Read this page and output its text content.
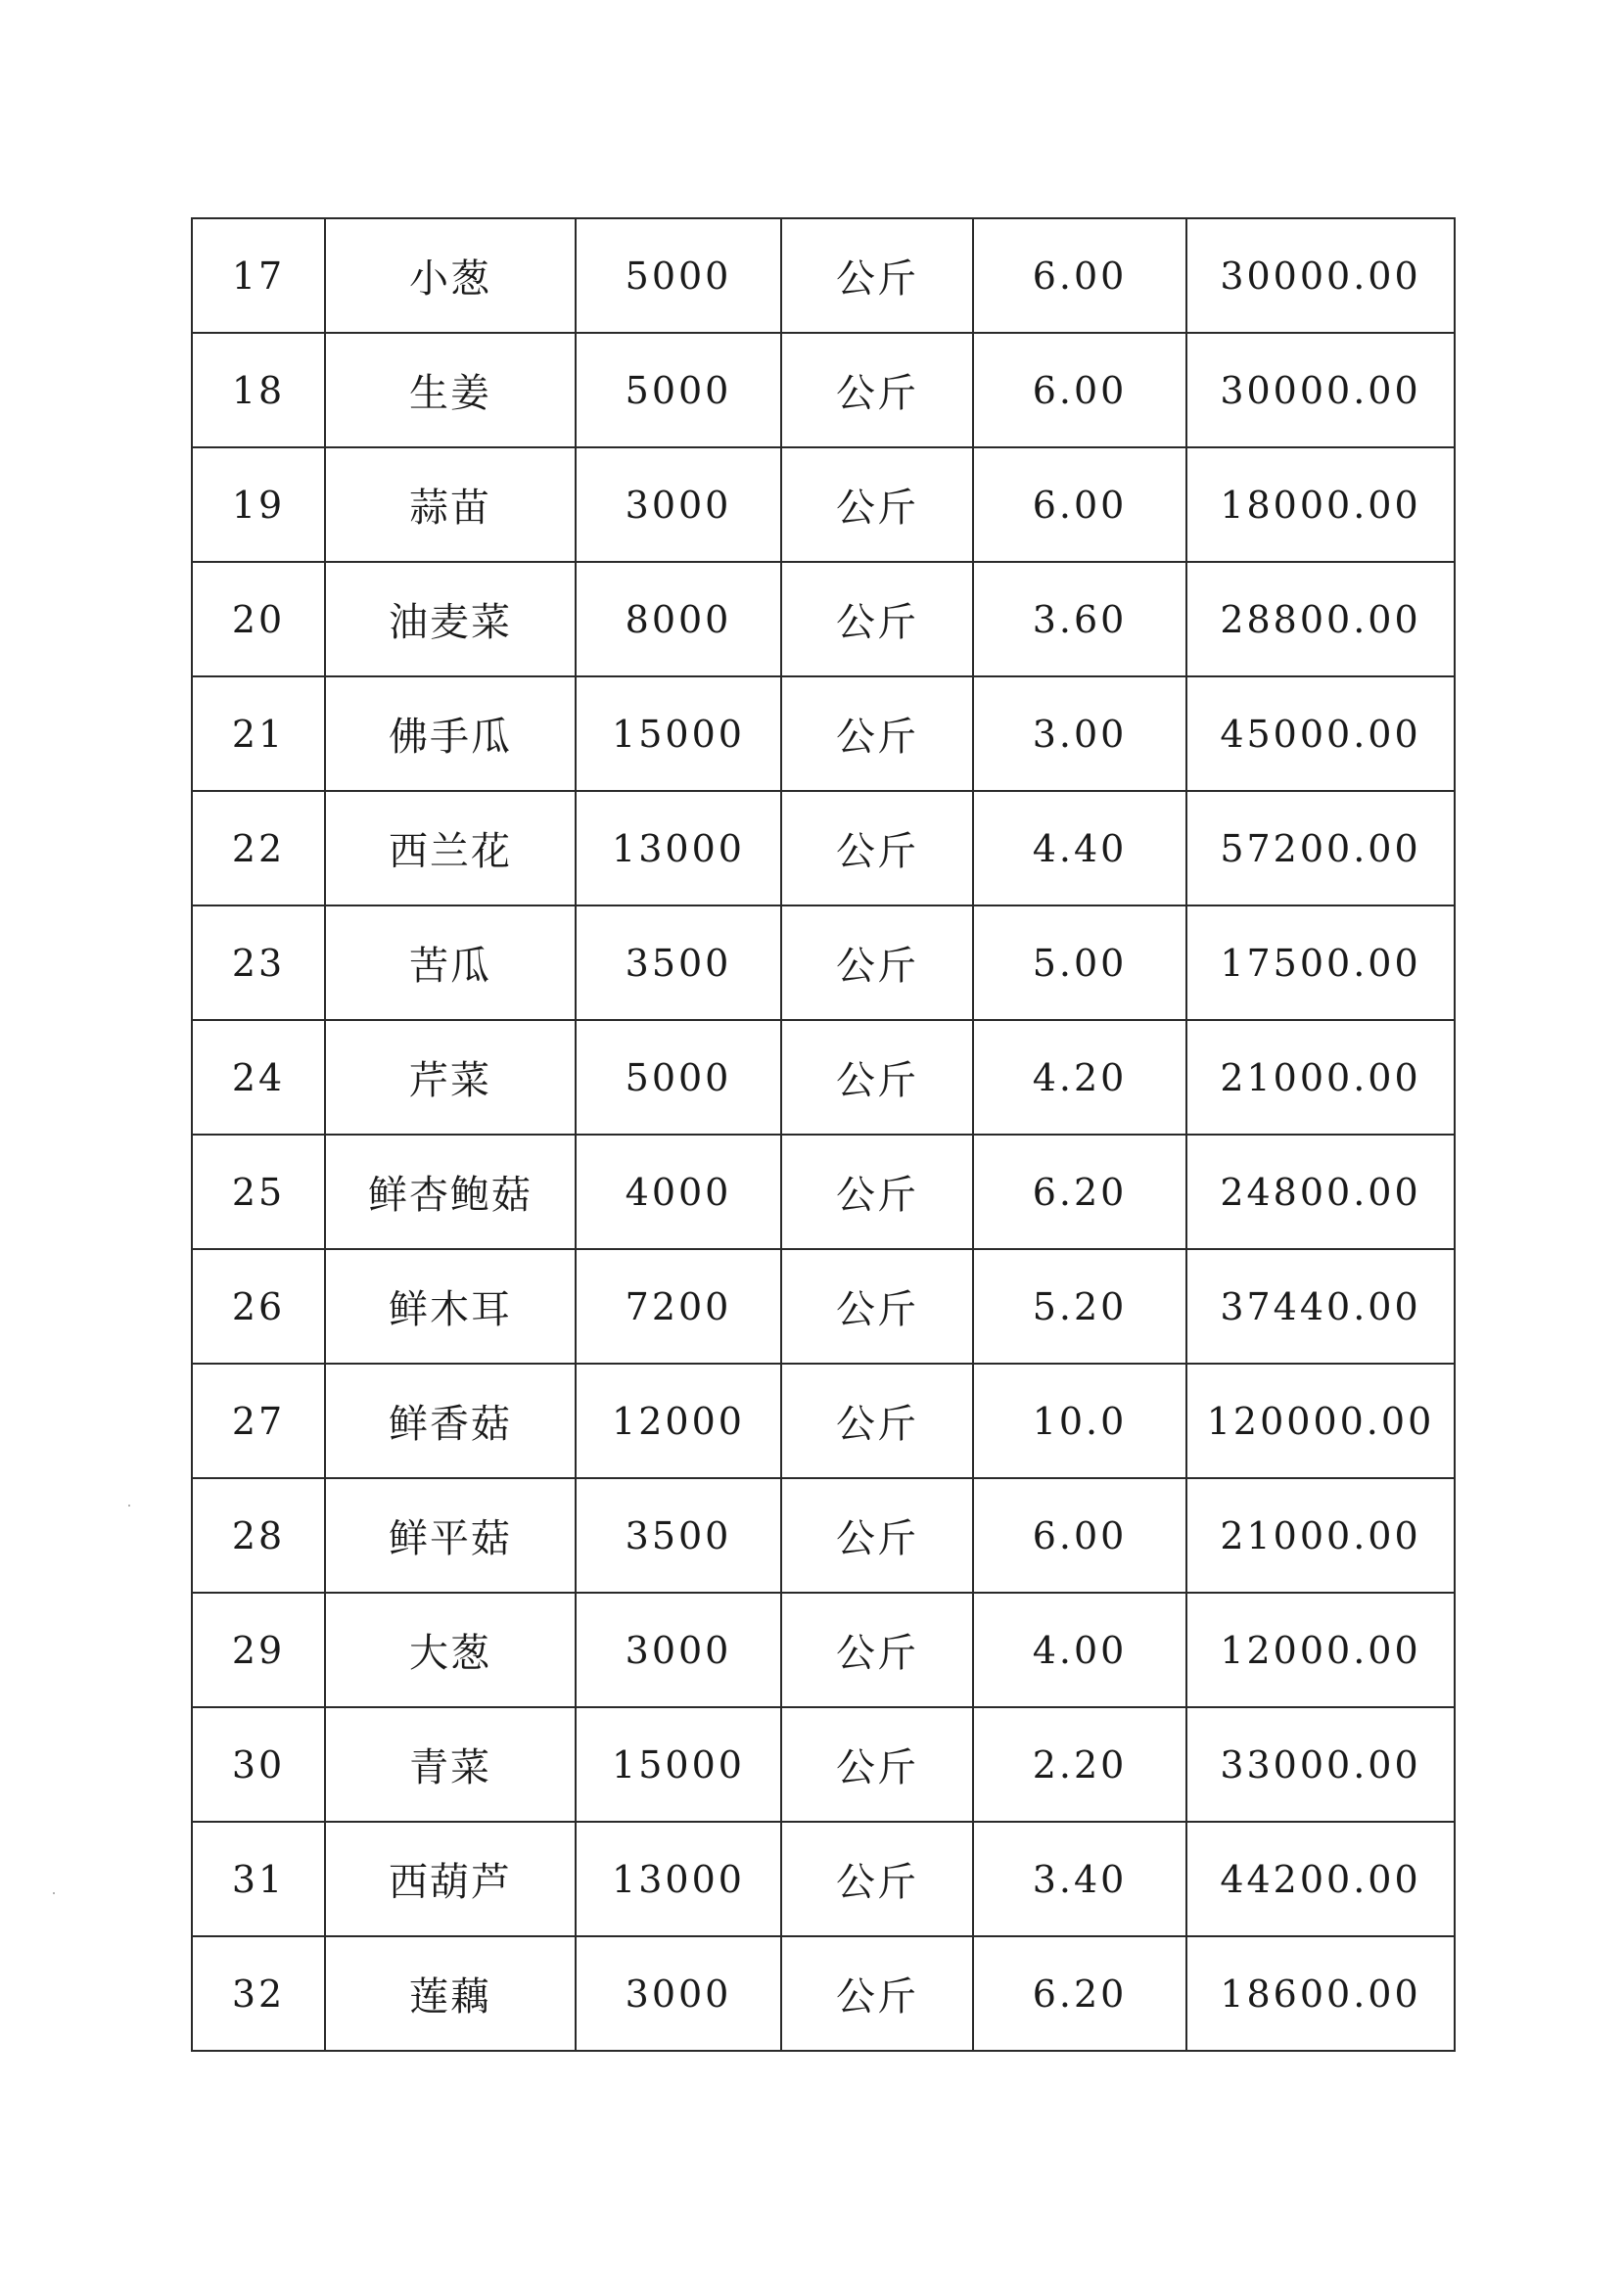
17	小葱	5000	公斤	6.00	30000.00
18	生姜	5000	公斤	6.00	30000.00
19	蒜苗	3000	公斤	6.00	18000.00
20	油麦菜	8000	公斤	3.60	28800.00
21	佛手瓜	15000	公斤	3.00	45000.00
22	西兰花	13000	公斤	4.40	57200.00
23	苦瓜	3500	公斤	5.00	17500.00
24	芹菜	5000	公斤	4.20	21000.00
25	鲜杏鲍菇	4000	公斤	6.20	24800.00
26	鲜木耳	7200	公斤	5.20	37440.00
27	鲜香菇	12000	公斤	10.0	120000.00
28	鲜平菇	3500	公斤	6.00	21000.00
29	大葱	3000	公斤	4.00	12000.00
30	青菜	15000	公斤	2.20	33000.00
31	西葫芦	13000	公斤	3.40	44200.00
32	莲藕	3000	公斤	6.20	18600.00
